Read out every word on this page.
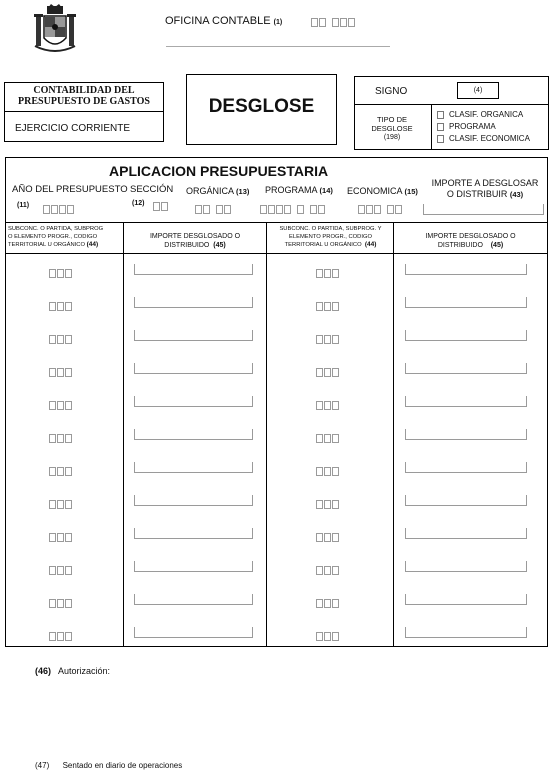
OFICINA CONTABLE (1)
CONTABILIDAD DEL
PRESUPUESTO DE GASTOS
EJERCICIO CORRIENTE
DESGLOSE
SIGNO	(4)
TIPO DE
DESGLOSE
(198)
CLASIF. ORGANICA
PROGRAMA
CLASIF. ECONOMICA
APLICACION PRESUPUESTARIA
AÑO DEL PRESUPUESTO
(11)
SECCIÓN
(12)
ORGÁNICA (13) PROGRAMA (14) ECONOMICA (15)
IMPORTE A DESGLOSAR
O DISTRIBUIR (43)
SUBCONC. O PARTIDA, SUBPROG
O ELEMENTO PROGR., CODIGO
TERRITORIAL U ORGÁNICO (44)
IMPORTE DESGLOSADO O
DISTRIBUIDO (45)
SUBCONC. O PARTIDA, SUBPROG. Y
ELEMENTO PROGR., CODIGO
TERRITORIAL U ORGÁNICO (44)
IMPORTE DESGLOSADO O
DISTRIBUIDO (45)
(46) Autorización:
(47) Sentado en diario de operaciones
